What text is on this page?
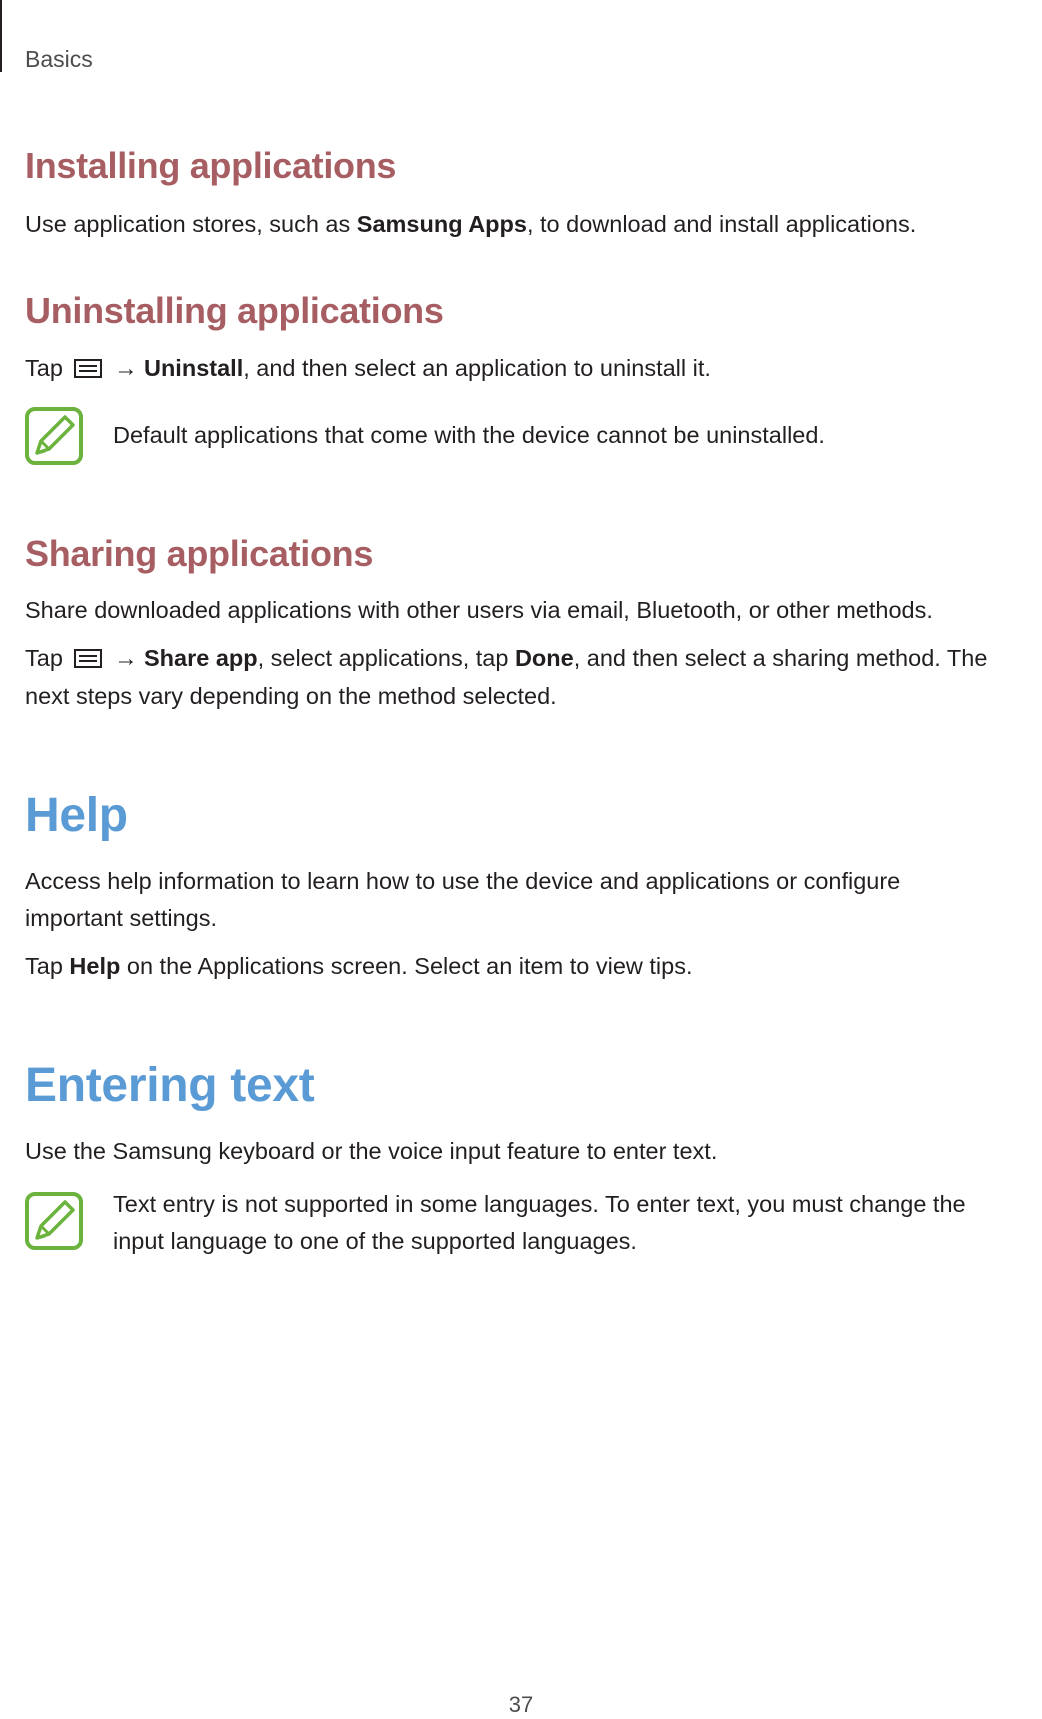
Basics
Installing applications
Use application stores, such as Samsung Apps, to download and install applications.
Uninstalling applications
Tap → Uninstall, and then select an application to uninstall it.
Default applications that come with the device cannot be uninstalled.
Sharing applications
Share downloaded applications with other users via email, Bluetooth, or other methods.
Tap → Share app, select applications, tap Done, and then select a sharing method. The
next steps vary depending on the method selected.
Help
Access help information to learn how to use the device and applications or configure
important settings.
Tap Help on the Applications screen. Select an item to view tips.
Entering text
Use the Samsung keyboard or the voice input feature to enter text.
Text entry is not supported in some languages. To enter text, you must change the
input language to one of the supported languages.
37
